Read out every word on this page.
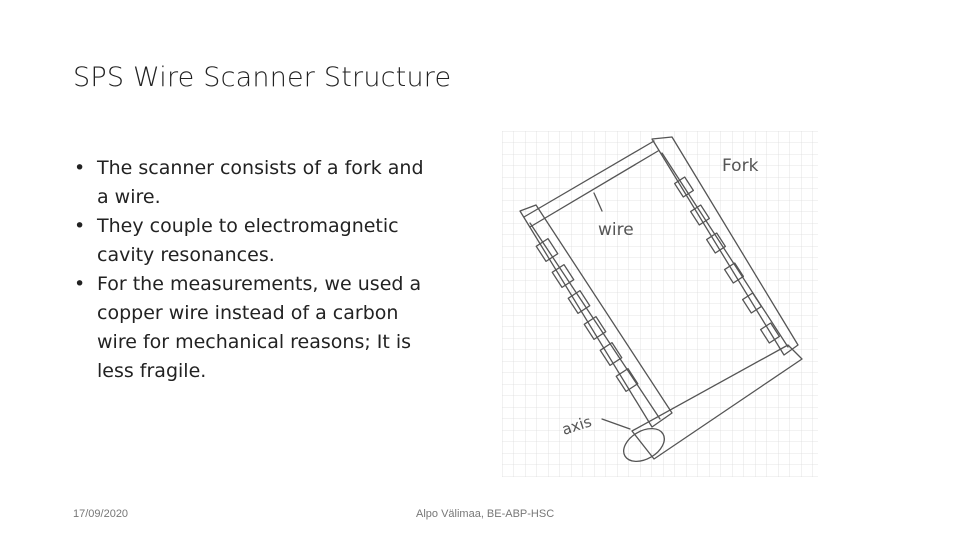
SPS Wire Scanner Structure
• The scanner consists of a fork and a wire.
• They couple to electromagnetic cavity resonances.
• For the measurements, we used a copper wire instead of a carbon wire for mechanical reasons; It is less fragile.
Fork
wire
axis
17/09/2020	Alpo Välimaa, BE-ABP-HSC
